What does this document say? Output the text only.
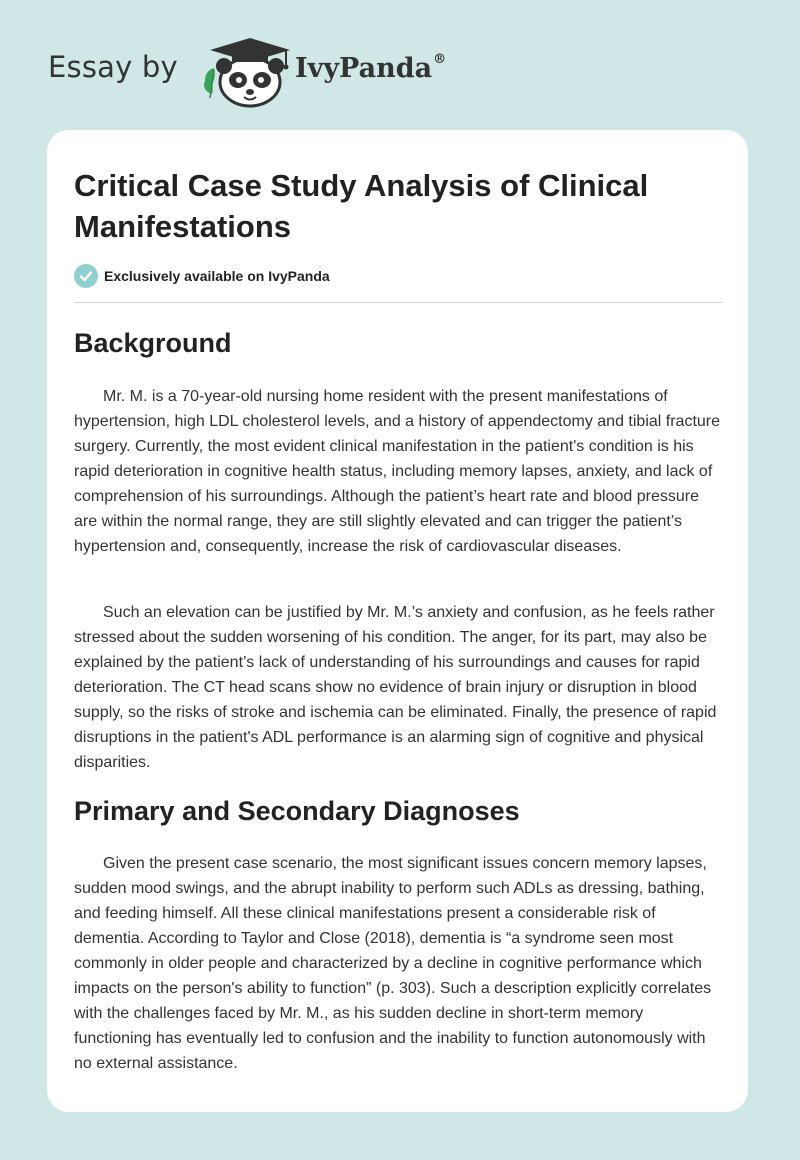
Essay by	IvyPanda®
Critical Case Study Analysis of Clinical Manifestations
Exclusively available on IvyPanda
Background

Mr. M. is a 70-year-old nursing home resident with the present manifestations of hypertension, high LDL cholesterol levels, and a history of appendectomy and tibial fracture surgery. Currently, the most evident clinical manifestation in the patient's condition is his rapid deterioration in cognitive health status, including memory lapses, anxiety, and lack of comprehension of his surroundings. Although the patient’s heart rate and blood pressure are within the normal range, they are still slightly elevated and can trigger the patient’s hypertension and, consequently, increase the risk of cardiovascular diseases.

Such an elevation can be justified by Mr. M.’s anxiety and confusion, as he feels rather stressed about the sudden worsening of his condition. The anger, for its part, may also be explained by the patient’s lack of understanding of his surroundings and causes for rapid deterioration. The CT head scans show no evidence of brain injury or disruption in blood supply, so the risks of stroke and ischemia can be eliminated. Finally, the presence of rapid disruptions in the patient's ADL performance is an alarming sign of cognitive and physical disparities.

Primary and Secondary Diagnoses

Given the present case scenario, the most significant issues concern memory lapses, sudden mood swings, and the abrupt inability to perform such ADLs as dressing, bathing, and feeding himself. All these clinical manifestations present a considerable risk of dementia. According to Taylor and Close (2018), dementia is “a syndrome seen most commonly in older people and characterized by a decline in cognitive performance which impacts on the person's ability to function” (p. 303). Such a description explicitly correlates with the challenges faced by Mr. M., as his sudden decline in short-term memory functioning has eventually led to confusion and the inability to function autonomously with no external assistance.
